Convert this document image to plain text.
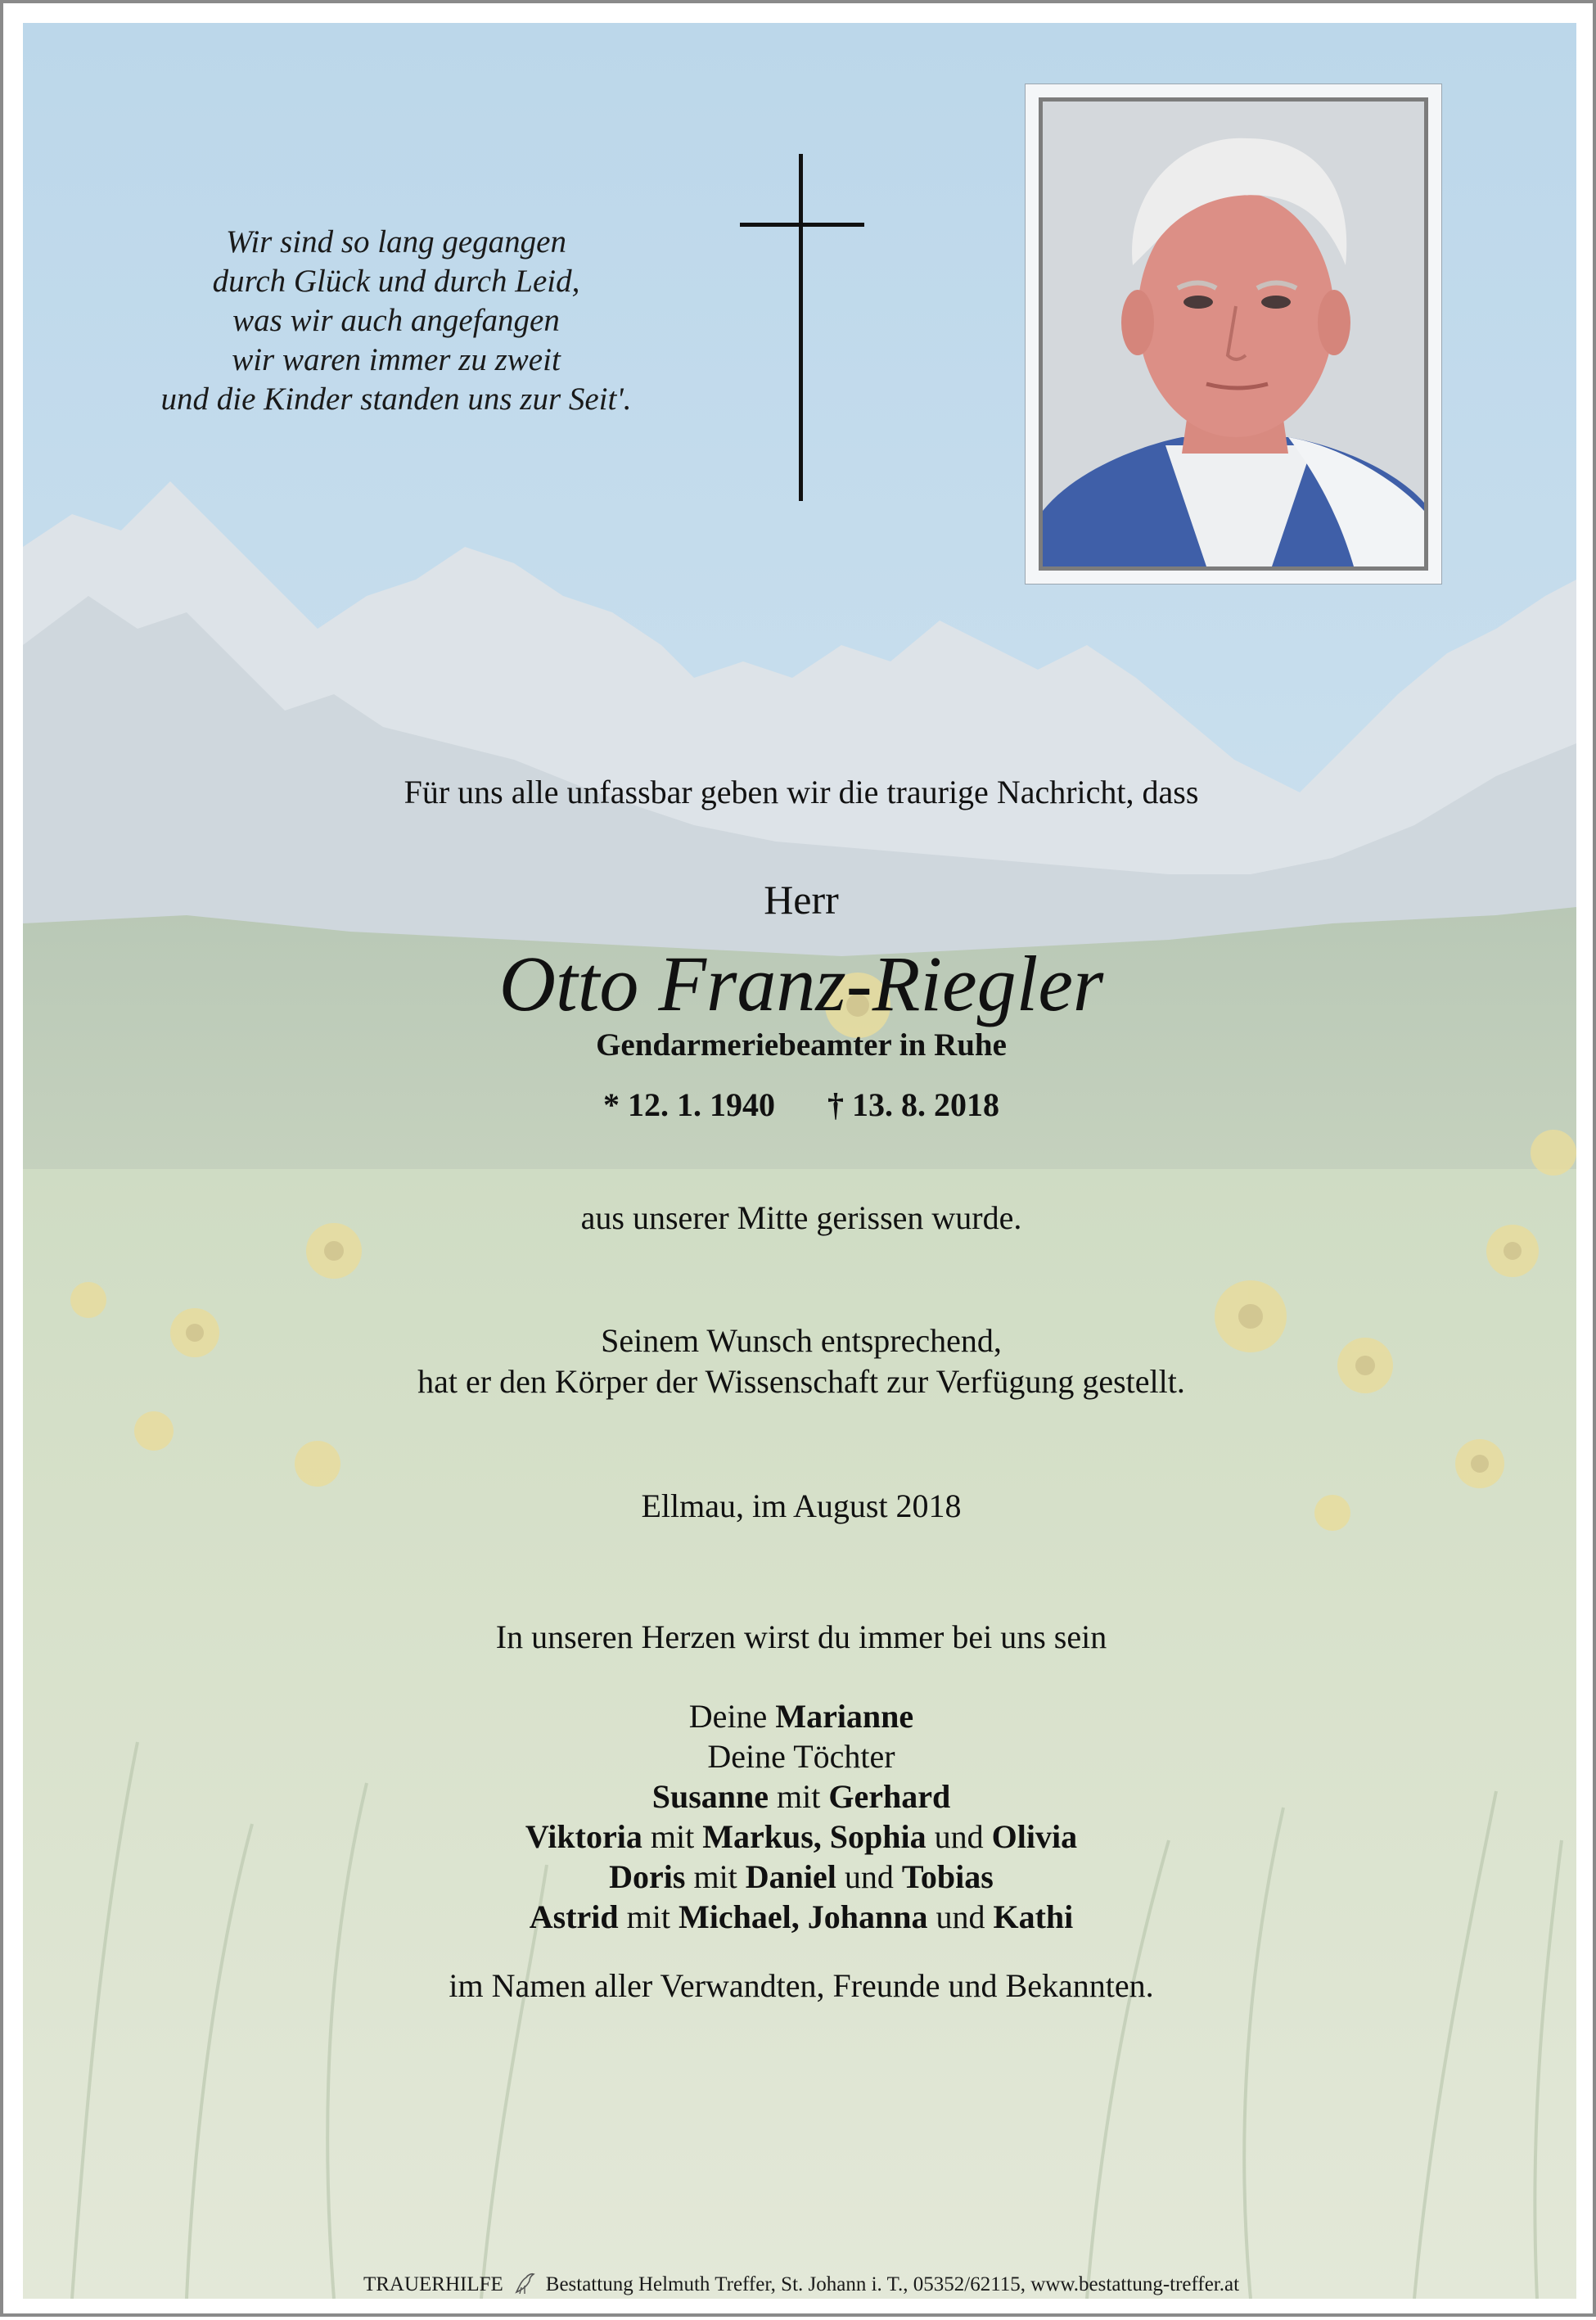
Wir sind so lang gegangen
durch Glück und durch Leid,
was wir auch angefangen
wir waren immer zu zweit
und die Kinder standen uns zur Seit'.
Für uns alle unfassbar geben wir die traurige Nachricht, dass
Herr
Otto Franz-Riegler
Gendarmeriebeamter in Ruhe
* 12. 1. 1940 † 13. 8. 2018
aus unserer Mitte gerissen wurde.
Seinem Wunsch entsprechend,
hat er den Körper der Wissenschaft zur Verfügung gestellt.
Ellmau, im August 2018
In unseren Herzen wirst du immer bei uns sein
Deine Marianne
Deine Töchter
Susanne mit Gerhard
Viktoria mit Markus, Sophia und Olivia
Doris mit Daniel und Tobias
Astrid mit Michael, Johanna und Kathi
im Namen aller Verwandten, Freunde und Bekannten.
TRAUERHILFE Bestattung Helmuth Treffer, St. Johann i. T., 05352/62115, www.bestattung-treffer.at
